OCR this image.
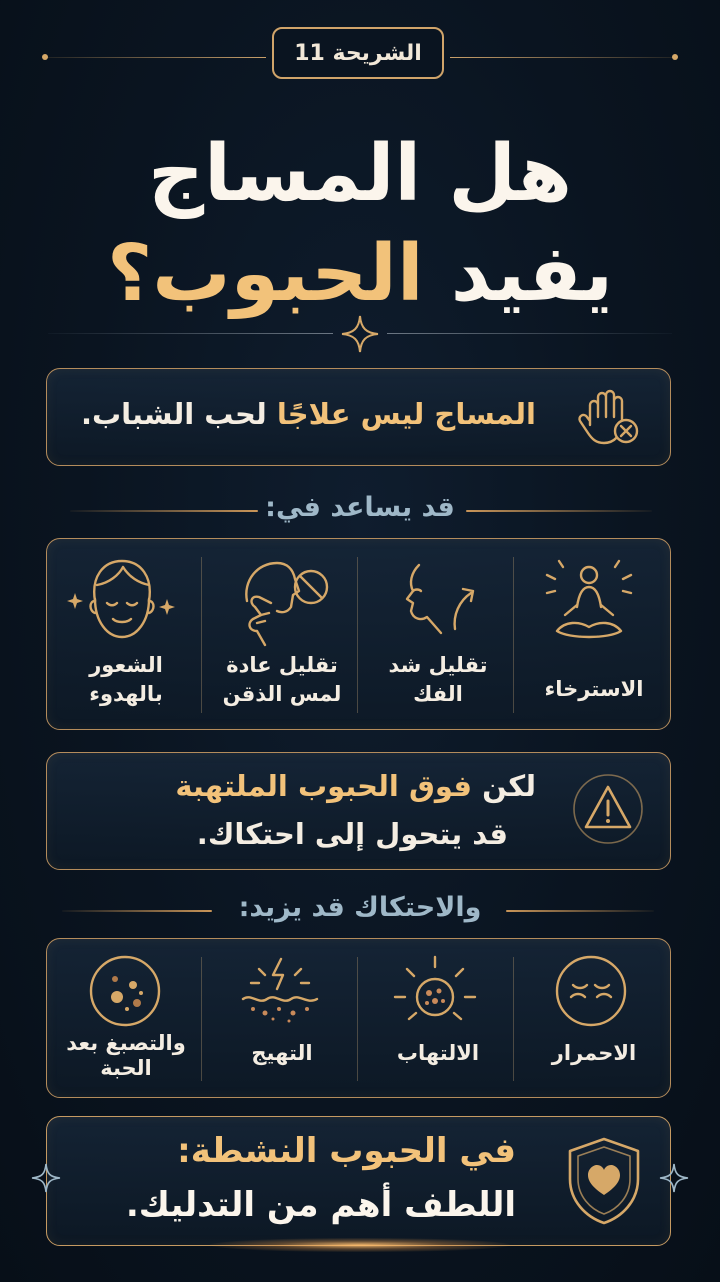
الشريحة 11
هل المساج
يفيد الحبوب؟
المساج ليس علاجًا لحب الشباب.
قد يساعد في:
الاسترخاء
تقليل شد الفك
تقليل عادة لمس الذقن
الشعور بالهدوء
لكن فوق الحبوب الملتهبة
قد يتحول إلى احتكاك.
والاحتكاك قد يزيد:
الاحمرار
الالتهاب
التهيج
والتصبغ بعد الحبة
في الحبوب النشطة:
اللطف أهم من التدليك.
